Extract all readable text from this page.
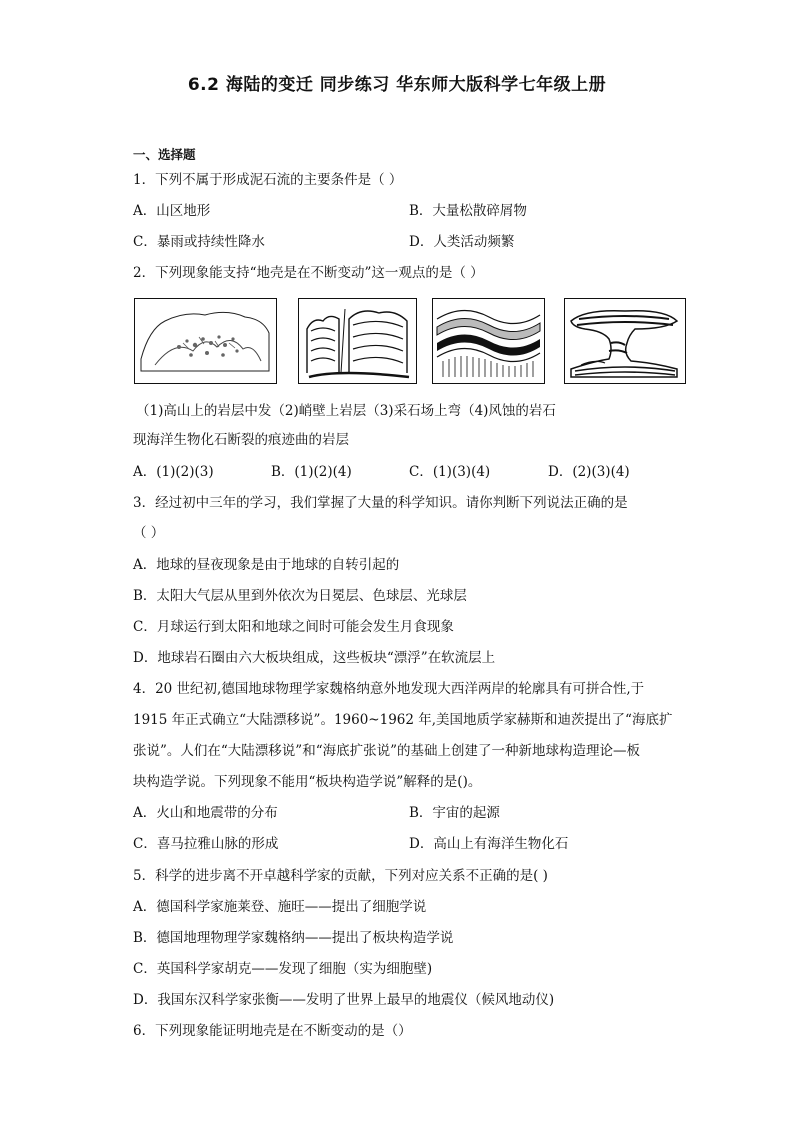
6.2 海陆的变迁 同步练习 华东师大版科学七年级上册
一、选择题
1．下列不属于形成泥石流的主要条件是（ ）
A．山区地形	B．大量松散碎屑物
C．暴雨或持续性降水	D．人类活动频繁
2．下列现象能支持“地壳是在不断变动”这一观点的是（ ）
（1)高山上的岩层中发（2)峭壁上岩层（3)采石场上弯（4)风蚀的岩石
现海洋生物化石断裂的痕迹曲的岩层
A．(1)(2)(3)	B．(1)(2)(4)	C．(1)(3)(4)	D．(2)(3)(4)
3．经过初中三年的学习，我们掌握了大量的科学知识。请你判断下列说法正确的是
（ ）
A．地球的昼夜现象是由于地球的自转引起的
B．太阳大气层从里到外依次为日冕层、色球层、光球层
C．月球运行到太阳和地球之间时可能会发生月食现象
D．地球岩石圈由六大板块组成，这些板块“漂浮”在软流层上
4．20 世纪初,德国地球物理学家魏格纳意外地发现大西洋两岸的轮廓具有可拼合性,于
1915 年正式确立“大陆漂移说”。1960~1962 年,美国地质学家赫斯和迪茨提出了“海底扩
张说”。人们在“大陆漂移说”和“海底扩张说”的基础上创建了一种新地球构造理论—板
块构造学说。下列现象不能用“板块构造学说”解释的是()。
A．火山和地震带的分布	B．宇宙的起源
C．喜马拉雅山脉的形成	D．高山上有海洋生物化石
5．科学的进步离不开卓越科学家的贡献，下列对应关系不正确的是( )
A．德国科学家施莱登、施旺——提出了细胞学说
B．德国地理物理学家魏格纳——提出了板块构造学说
C．英国科学家胡克——发现了细胞（实为细胞壁)
D．我国东汉科学家张衡——发明了世界上最早的地震仪（候风地动仪)
6．下列现象能证明地壳是在不断变动的是（）
